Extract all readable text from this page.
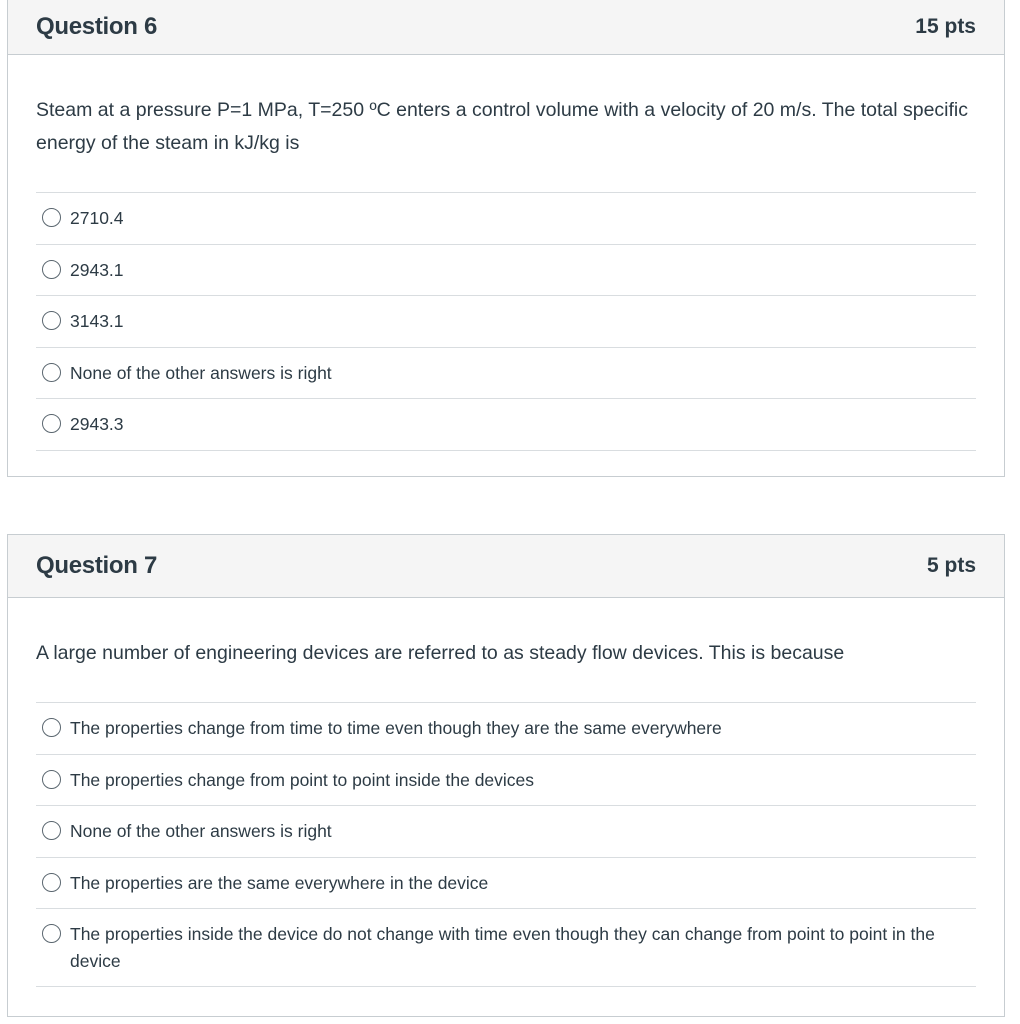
Question 6	15 pts
Steam at a pressure P=1 MPa, T=250 ºC enters a control volume with a velocity of 20 m/s. The total specific energy of the steam in kJ/kg is
2710.4
2943.1
3143.1
None of the other answers is right
2943.3
Question 7	5 pts
A large number of engineering devices are referred to as steady flow devices. This is because
The properties change from time to time even though they are the same everywhere
The properties change from point to point inside the devices
None of the other answers is right
The properties are the same everywhere in the device
The properties inside the device do not change with time even though they can change from point to point in the device
